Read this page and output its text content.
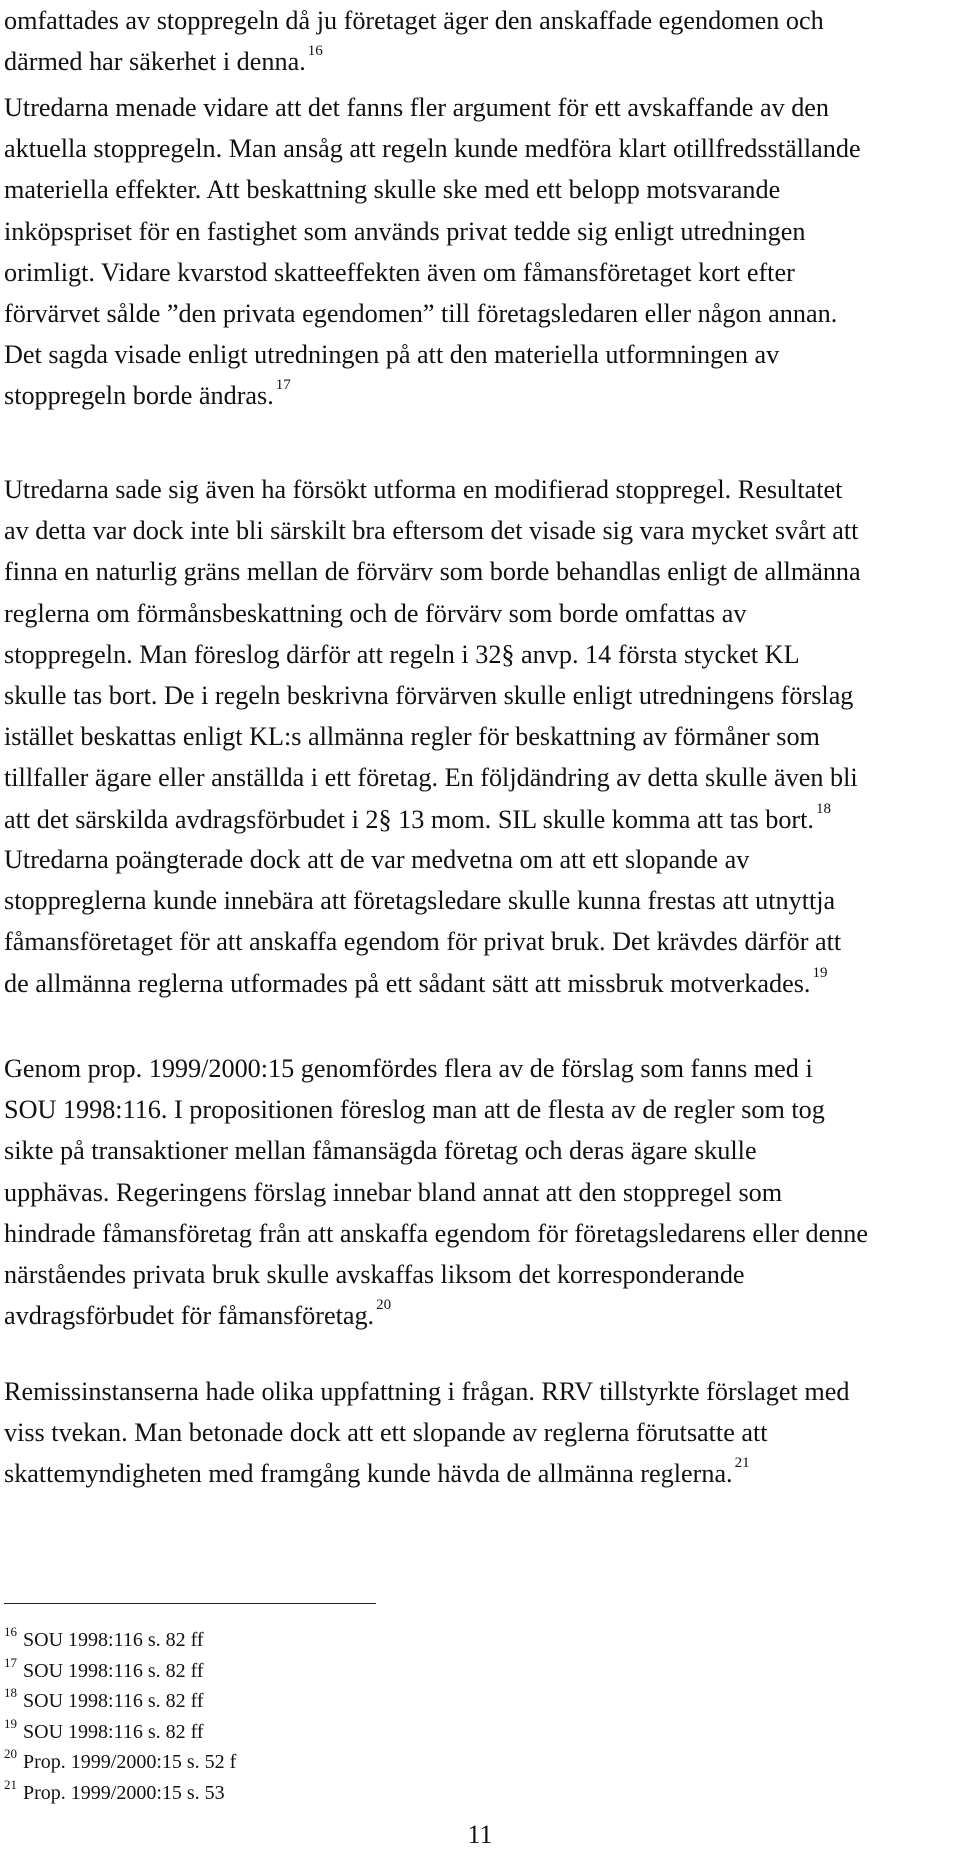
omfattades av stoppregeln då ju företaget äger den anskaffade egendomen och
därmed har säkerhet i denna. $^{16}$

Utredarna menade vidare att det fanns fler argument för ett avskaffande av den
aktuella stoppregeln. Man ansåg att regeln kunde medföra klart otillfredsställande
materiella effekter. Att beskattning skulle ske med ett belopp motsvarande
inköpspriset för en fastighet som används privat tedde sig enligt utredningen
orimligt. Vidare kvarstod skatteeffekten även om fåmansföretaget kort efter
förvärvet sålde ”den privata egendomen” till företagsledaren eller någon annan.
Det sagda visade enligt utredningen på att den materiella utformningen av
stoppregeln borde ändras. $^{17}$

Utredarna sade sig även ha försökt utforma en modifierad stoppregel. Resultatet
av detta var dock inte bli särskilt bra eftersom det visade sig vara mycket svårt att
finna en naturlig gräns mellan de förvärv som borde behandlas enligt de allmänna
reglerna om förmånsbeskattning och de förvärv som borde omfattas av
stoppregeln. Man föreslog därför att regeln i 32§ anvp. 14 första stycket KL
skulle tas bort. De i regeln beskrivna förvärven skulle enligt utredningens förslag
istället beskattas enligt KL:s allmänna regler för beskattning av förmåner som
tillfaller ägare eller anställda i ett företag. En följdändring av detta skulle även bli
att det särskilda avdragsförbudet i 2§ 13 mom. SIL skulle komma att tas bort. $^{18}$

Utredarna poängterade dock att de var medvetna om att ett slopande av
stoppreglerna kunde innebära att företagsledare skulle kunna frestas att utnyttja
fåmansföretaget för att anskaffa egendom för privat bruk. Det krävdes därför att
de allmänna reglerna utformades på ett sådant sätt att missbruk motverkades. $^{19}$

Genom prop. 1999/2000:15 genomfördes flera av de förslag som fanns med i
SOU 1998:116. I propositionen föreslog man att de flesta av de regler som tog
sikte på transaktioner mellan fåmansägda företag och deras ägare skulle
upphävas. Regeringens förslag innebar bland annat att den stoppregel som
hindrade fåmansföretag från att anskaffa egendom för företagsledarens eller denne
närståendes privata bruk skulle avskaffas liksom det korresponderande
avdragsförbudet för fåmansföretag. $^{20}$

Remissinstanserna hade olika uppfattning i frågan. RRV tillstyrkte förslaget med
viss tvekan. Man betonade dock att ett slopande av reglerna förutsatte att
skattemyndigheten med framgång kunde hävda de allmänna reglerna. $^{21}$

$^{16}$ SOU 1998:116 s. 82 ff
$^{17}$ SOU 1998:116 s. 82 ff
$^{18}$ SOU 1998:116 s. 82 ff
$^{19}$ SOU 1998:116 s. 82 ff
$^{20}$ Prop. 1999/2000:15 s. 52 f
$^{21}$ Prop. 1999/2000:15 s. 53

11
